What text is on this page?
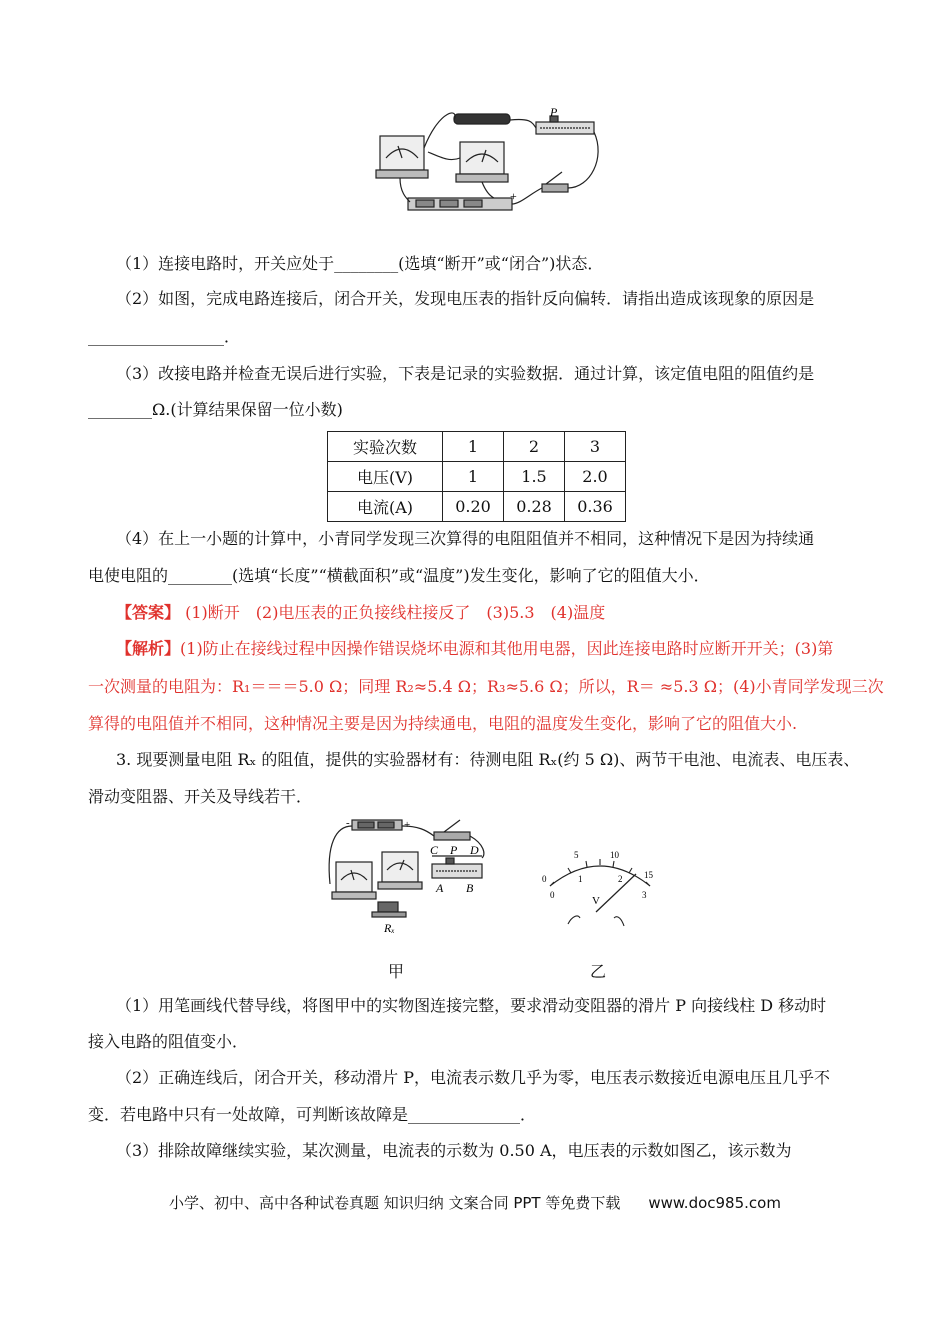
P
+
（1）连接电路时，开关应处于________(选填“断开”或“闭合”)状态．
（2）如图，完成电路连接后，闭合开关，发现电压表的指针反向偏转．请指出造成该现象的原因是
_________________．
（3）改接电路并检查无误后进行实验，下表是记录的实验数据．通过计算，该定值电阻的阻值约是
________Ω.(计算结果保留一位小数)
实验次数	1	2	3
电压(V)	1	1.5	2.0
电流(A)	0.20	0.28	0.36
（4）在上一小题的计算中，小青同学发现三次算得的电阻阻值并不相同，这种情况下是因为持续通
电使电阻的________(选填“长度”“横截面积”或“温度”)发生变化，影响了它的阻值大小．
【答案】 (1)断开　(2)电压表的正负接线柱接反了　(3)5.3　(4)温度
【解析】(1)防止在接线过程中因操作错误烧坏电源和其他用电器，因此连接电路时应断开开关；(3)第
一次测量的电阻为：R₁＝＝＝5.0 Ω；同理 R₂≈5.4 Ω；R₃≈5.6 Ω；所以，R＝ ≈5.3 Ω；(4)小青同学发现三次
算得的电阻值并不相同，这种情况主要是因为持续通电，电阻的温度发生变化，影响了它的阻值大小.
3. 现要测量电阻 Rₓ 的阻值，提供的实验器材有：待测电阻 Rₓ(约 5 Ω)、两节干电池、电流表、电压表、
滑动变阻器、开关及导线若干．
-	+
C P D
A B
Rₓ
0
5	10
15
0
1	2
3
V
甲	乙
（1）用笔画线代替导线，将图甲中的实物图连接完整，要求滑动变阻器的滑片 P 向接线柱 D 移动时
接入电路的阻值变小．
（2）正确连线后，闭合开关，移动滑片 P，电流表示数几乎为零，电压表示数接近电源电压且几乎不
变．若电路中只有一处故障，可判断该故障是______________．
（3）排除故障继续实验，某次测量，电流表的示数为 0.50 A，电压表的示数如图乙，该示数为
小学、初中、高中各种试卷真题 知识归纳 文案合同 PPT 等免费下载 www.doc985.com
